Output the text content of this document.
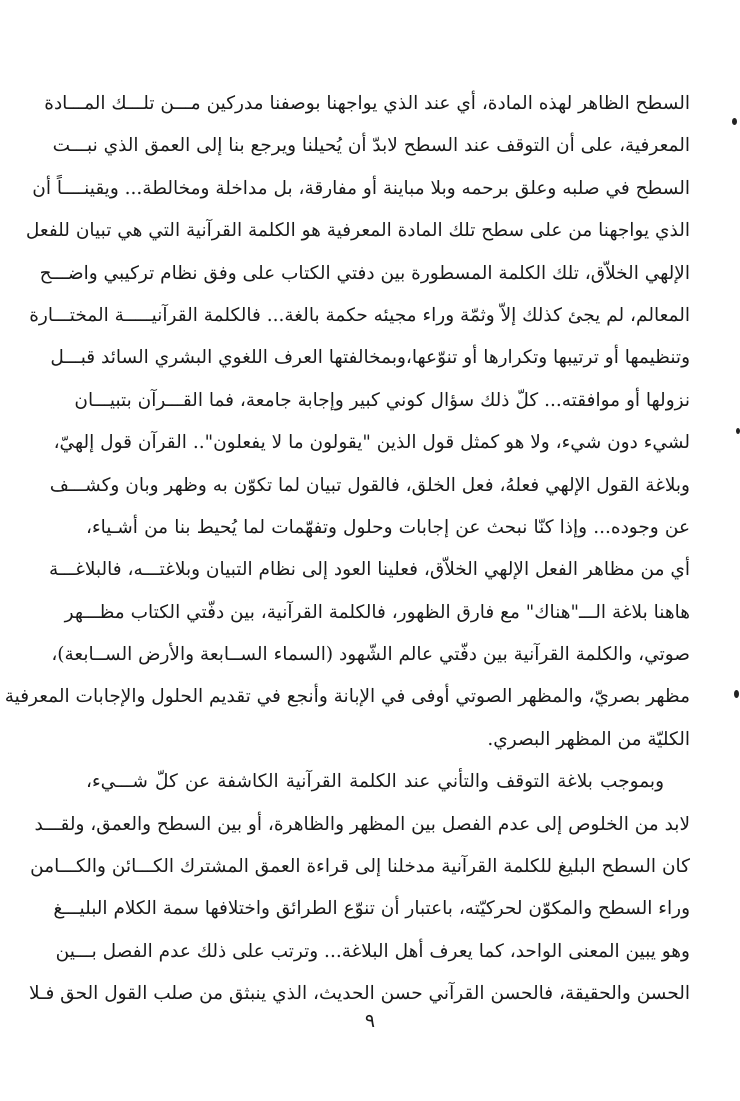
السطح الظاهر لهذه المادة، أي عند الذي يواجهنا بوصفنا مدركين مـــن تلـــك المـــادة
المعرفية، على أن التوقف عند السطح لابدّ أن يُحيلنا ويرجع بنا إلى العمق الذي نبـــت
السطح في صلبه وعلق برحمه وبلا مباينة أو مفارقة، بل مداخلة ومخالطة... ويقينــــاً أن
الذي يواجهنا من على سطح تلك المادة المعرفية هو الكلمة القرآنية التي هي تبيان للفعل
الإلهي الخلاّق، تلك الكلمة المسطورة بين دفتي الكتاب على وفق نظام تركيبي واضـــح
المعالم، لم يجئ كذلك إلاّ وثمّة وراء مجيئه حكمة بالغة... فالكلمة القرآنيـــــة المختـــارة
وتنظيمها أو ترتيبها وتكرارها أو تنوّعها،وبمخالفتها العرف اللغوي البشري السائد قبـــل
نزولها أو موافقته... كلّ ذلك سؤال كوني كبير وإجابة جامعة، فما القـــرآن بتبيـــان
لشيء دون شيء، ولا هو كمثل قول الذين "يقولون ما لا يفعلون".. القرآن قول إلهيّ،
وبلاغة القول الإلهي فعلهُ، فعل الخلق، فالقول تبيان لما تكوّن به وظهر وبان وكشـــف
عن وجوده... وإذا كنّا نبحث عن إجابات وحلول وتفهّمات لما يُحيط بنا من أشـياء،
أي من مظاهر الفعل الإلهي الخلاّق، فعلينا العود إلى نظام التبيان وبلاغتـــه، فالبلاغـــة
هاهنا بلاغة الـــ"هناك" مع فارق الظهور، فالكلمة القرآنية، بين دفّتي الكتاب مظـــهر
صوتي، والكلمة القرآنية بين دفّتي عالم الشّهود (السماء الســابعة والأرض الســابعة)،
مظهر بصريّ، والمظهر الصوتي أوفى في الإبانة وأنجع في تقديم الحلول والإجابات المعرفية
الكليّة من المظهر البصري.
وبموجب بلاغة التوقف والتأني عند الكلمة القرآنية الكاشفة عن كلّ شـــيء،
لابد من الخلوص إلى عدم الفصل بين المظهر والظاهرة، أو بين السطح والعمق، ولقـــد
كان السطح البليغ للكلمة القرآنية مدخلنا إلى قراءة العمق المشترك الكـــائن والكـــامن
وراء السطح والمكوّن لحركيّته، باعتبار أن تنوّع الطرائق واختلافها سمة الكلام البليـــغ
وهو يبين المعنى الواحد، كما يعرف أهل البلاغة... وترتب على ذلك عدم الفصل بـــين
الحسن والحقيقة، فالحسن القرآني حسن الحديث، الذي ينبثق من صلب القول الحق فـلا
٩
